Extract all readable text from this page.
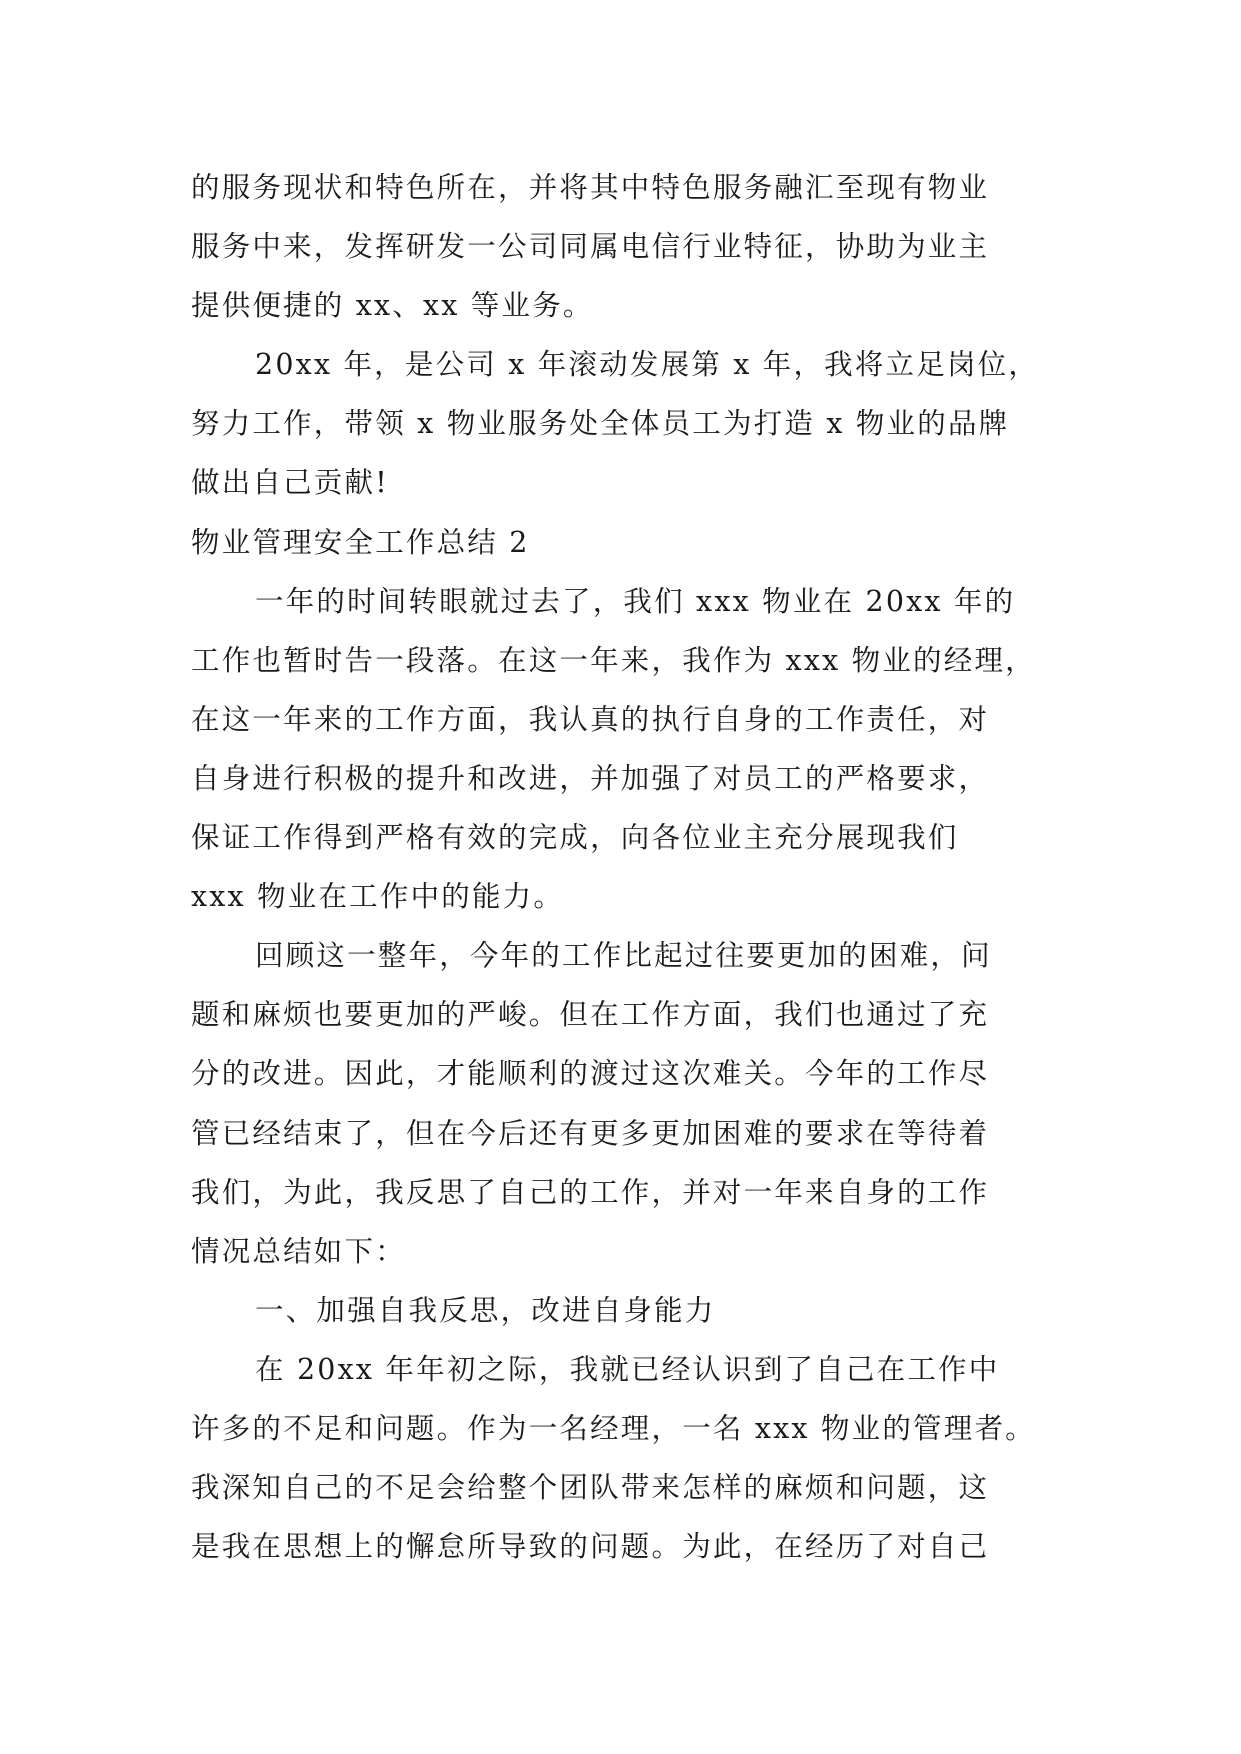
的服务现状和特色所在，并将其中特色服务融汇至现有物业
服务中来，发挥研发一公司同属电信行业特征，协助为业主
提供便捷的 xx、xx 等业务。
20xx 年，是公司 x 年滚动发展第 x 年，我将立足岗位，
努力工作，带领 x 物业服务处全体员工为打造 x 物业的品牌
做出自己贡献!
物业管理安全工作总结 2
一年的时间转眼就过去了，我们 xxx 物业在 20xx 年的
工作也暂时告一段落。在这一年来，我作为 xxx 物业的经理，
在这一年来的工作方面，我认真的执行自身的工作责任，对
自身进行积极的提升和改进，并加强了对员工的严格要求，
保证工作得到严格有效的完成，向各位业主充分展现我们
xxx 物业在工作中的能力。
回顾这一整年，今年的工作比起过往要更加的困难，问
题和麻烦也要更加的严峻。但在工作方面，我们也通过了充
分的改进。因此，才能顺利的渡过这次难关。今年的工作尽
管已经结束了，但在今后还有更多更加困难的要求在等待着
我们，为此，我反思了自己的工作，并对一年来自身的工作
情况总结如下：
一、加强自我反思，改进自身能力
在 20xx 年年初之际，我就已经认识到了自己在工作中
许多的不足和问题。作为一名经理，一名 xxx 物业的管理者。
我深知自己的不足会给整个团队带来怎样的麻烦和问题，这
是我在思想上的懈怠所导致的问题。为此，在经历了对自己
